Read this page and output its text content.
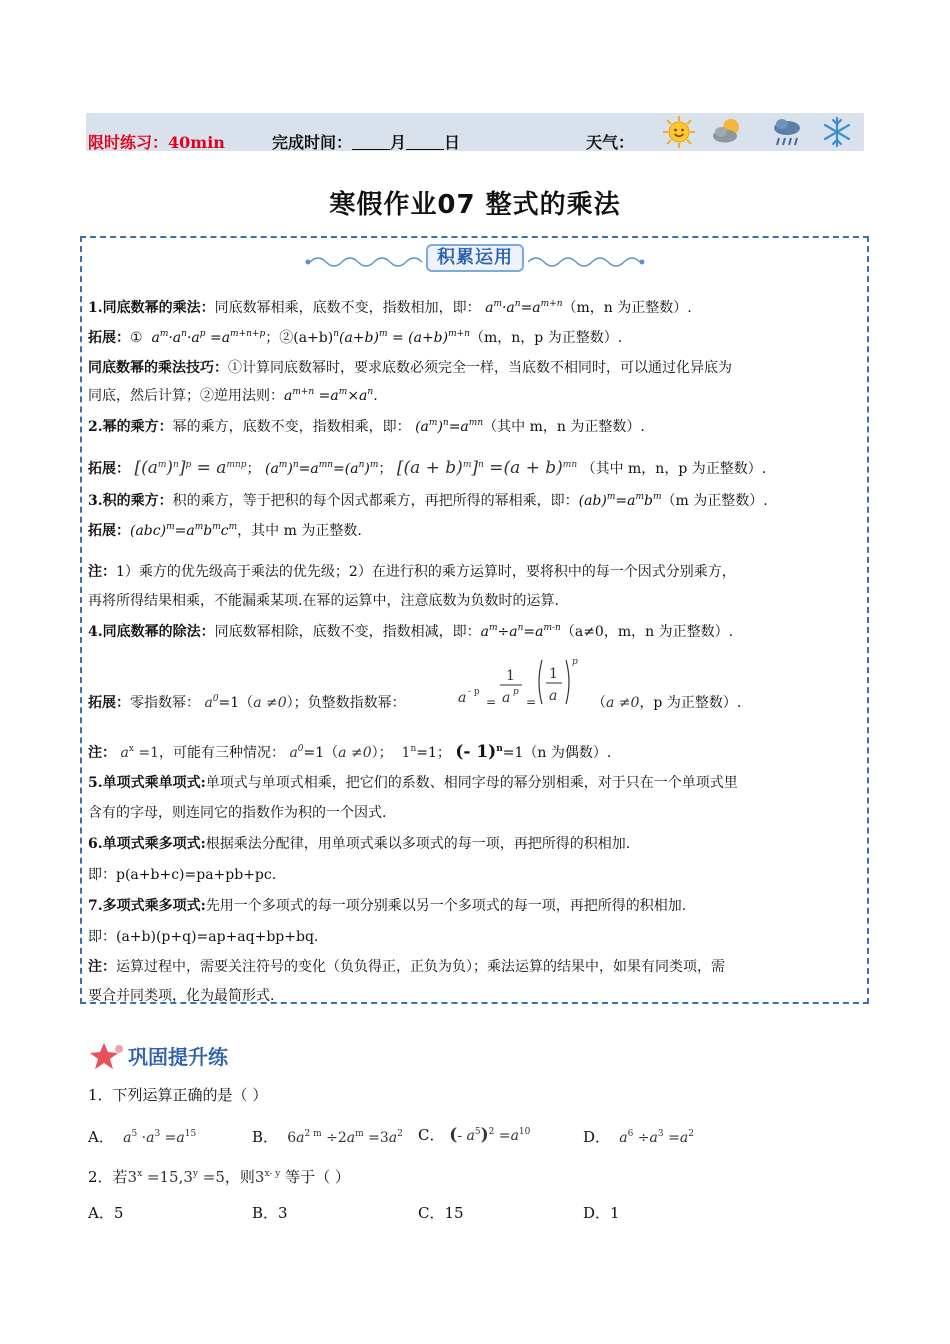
限时练习：40min	完成时间： 月 日	天气：
寒假作业07 整式的乘法
积累运用
1.同底数幂的乘法：同底数幂相乘，底数不变，指数相加，即： $a^m\cdot a^n=a^{m+n}(m$，n 为正整数）.
拓展：①  $a^m\cdot a^n\cdot a^p =a^{m+n+p}$；$②(a+b)^n(a+b)^m = (a+b)^{m+n}(m$，n，p 为正整数）.
同底数幂的乘法技巧：①计算同底数幂时，要求底数必须完全一样，当底数不相同时，可以通过化异底为
同底，然后计算；②逆用法则：$a^{m+n} =a^m\times a^n$.
2.幂的乘方：幂的乘方，底数不变，指数相乘，即： $(a^m)^n=a^{mn}$（其中 m，n 为正整数）.
拓展： $[(a^m)^n]^p = a^{mnp}$； $(a^m)^n=a^{mn}=(a^n)^m$； $[(a + b)^m]^n =(a + b)^{mn}$ （其中 m，n，p 为正整数）.
3.积的乘方：积的乘方，等于把积的每个因式都乘方，再把所得的幂相乘，即：$(ab)^m=a^mb^m(m$ 为正整数）.
拓展：$(abc)^m=a^mb^mc^m$，其中 m 为正整数.
注：1）乘方的优先级高于乘法的优先级；2）在进行积的乘方运算时，要将积中的每一个因式分别乘方，
再将所得结果相乘，不能漏乘某项.在幂的运算中，注意底数为负数时的运算.
4.同底数幂的除法：同底数幂相除，底数不变，指数相减，即：$a^m\div a^n=a^{m-n}(a\ne 0$，m，n 为正整数）.
拓展：零指数幂： $a^0=1(a \ne 0)$；负整数指数幂：	a - p
=
1
a p
=
1
a
p
（a ≠0，p 为正整数）.
注： $a^x =1$，可能有三种情况： $a^0=1(a \ne 0)$；  $1^n=1$； (- 1)$^n$=1（n 为偶数）.
5.单项式乘单项式:单项式与单项式相乘，把它们的系数、相同字母的幂分别相乘，对于只在一个单项式里
含有的字母，则连同它的指数作为积的一个因式.
6.单项式乘多项式:根据乘法分配律，用单项式乘以多项式的每一项，再把所得的积相加.
即：p(a+b+c)=pa+pb+pc.
7.多项式乘多项式:先用一个多项式的每一项分别乘以另一个多项式的每一项，再把所得的积相加.
即：(a+b)(p+q)=ap+aq+bp+bq.
注：运算过程中，需要关注符号的变化（负负得正，正负为负）；乘法运算的结果中，如果有同类项，需
要合并同类项，化为最简形式.
巩固提升练
1．下列运算正确的是（ ）
A． $a^5 \cdot a^3 =a^{15}$	B．  $6a^{2 m} \div 2a^m =3a^2$ C． (- $a^5)^2 =a^{10}$	D． $a^6 \div a^3 =a^2$
2．若$3^x =15,3^y =5$，则3$^{x- y}$ 等于（ ）
A．5	B．3	C．15	D．1
